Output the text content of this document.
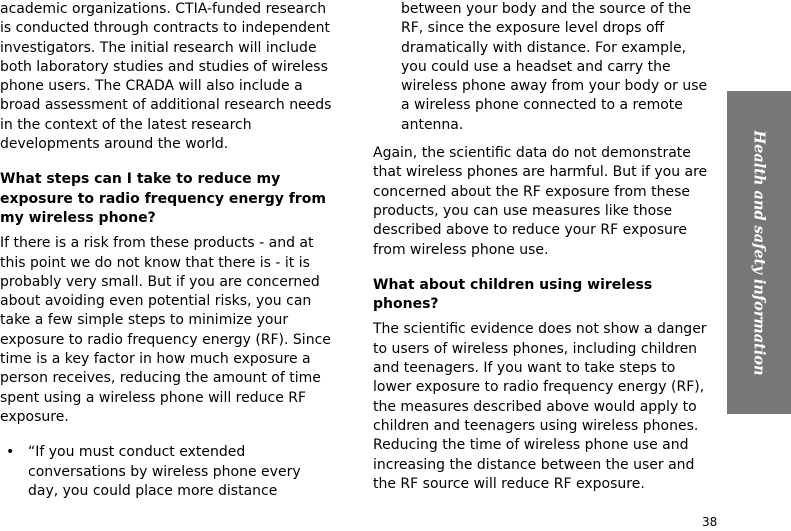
academic organizations. CTIA-funded research is conducted through contracts to independent investigators. The initial research will include both laboratory studies and studies of wireless phone users. The CRADA will also include a broad assessment of additional research needs in the context of the latest research developments around the world.

What steps can I take to reduce my exposure to radio frequency energy from my wireless phone?

If there is a risk from these products - and at this point we do not know that there is - it is probably very small. But if you are concerned about avoiding even potential risks, you can take a few simple steps to minimize your exposure to radio frequency energy (RF). Since time is a key factor in how much exposure a person receives, reducing the amount of time spent using a wireless phone will reduce RF exposure.

• “If you must conduct extended conversations by wireless phone every day, you could place more distance

between your body and the source of the RF, since the exposure level drops off dramatically with distance. For example, you could use a headset and carry the wireless phone away from your body or use a wireless phone connected to a remote antenna.

Again, the scientific data do not demonstrate that wireless phones are harmful. But if you are concerned about the RF exposure from these products, you can use measures like those described above to reduce your RF exposure from wireless phone use.

What about children using wireless phones?

The scientific evidence does not show a danger to users of wireless phones, including children and teenagers. If you want to take steps to lower exposure to radio frequency energy (RF), the measures described above would apply to children and teenagers using wireless phones. Reducing the time of wireless phone use and increasing the distance between the user and the RF source will reduce RF exposure.

Health and safety information
38
